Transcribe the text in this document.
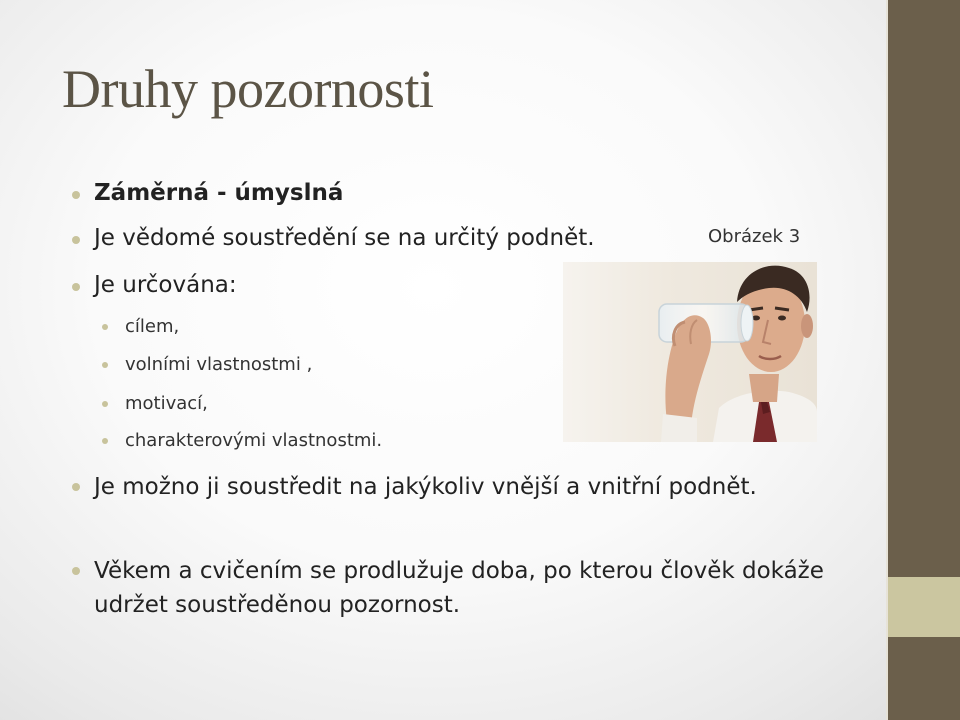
Druhy pozornosti
Záměrná - úmyslná
Je vědomé soustředění se na určitý podnět.
Je určována:
cílem,
volními vlastnostmi ,
motivací,
charakterovými vlastnostmi.
Je možno ji soustředit na jakýkoliv vnější a vnitřní podnět.
Věkem a cvičením se prodlužuje doba, po kterou člověk dokáže udržet soustředěnou pozornost.
Obrázek 3
